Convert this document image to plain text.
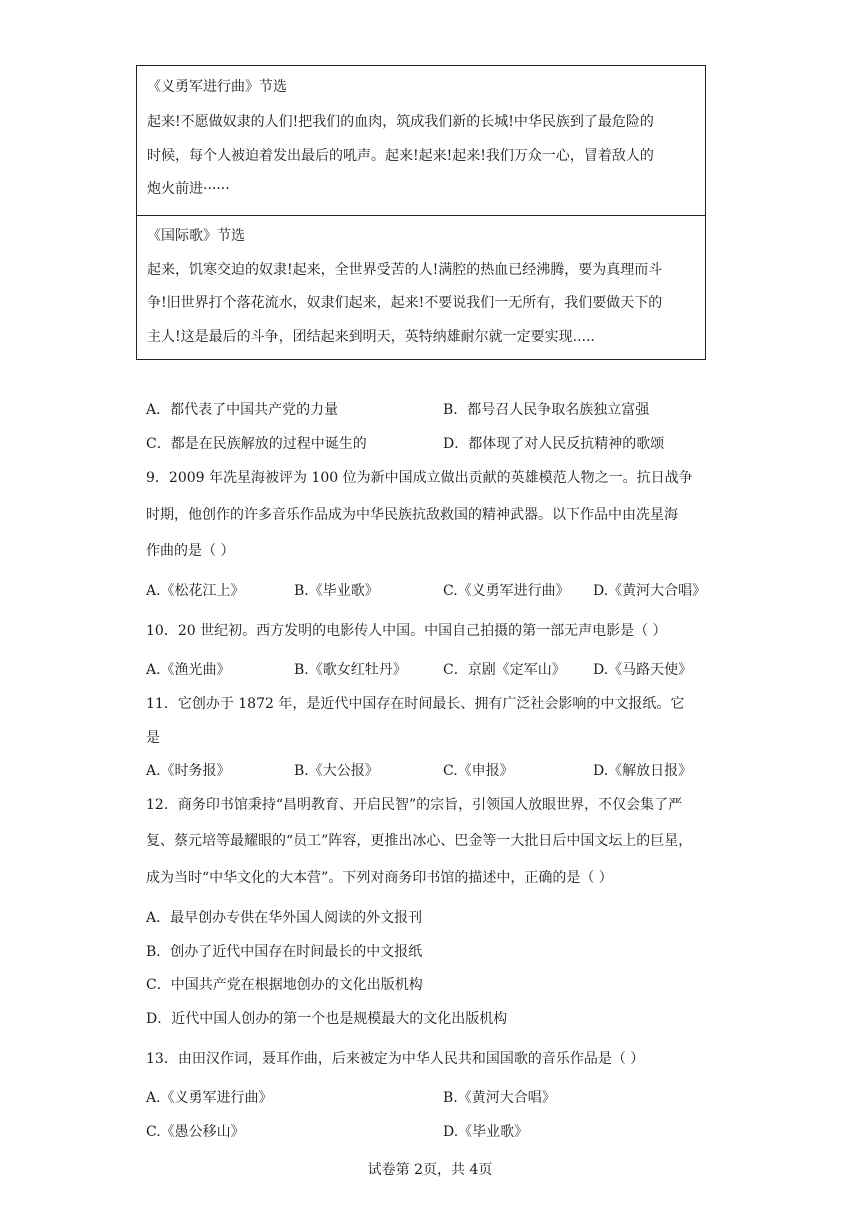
《义勇军进行曲》节选
起来!不愿做奴隶的人们!把我们的血肉，筑成我们新的长城!中华民族到了最危险的
时候，每个人被迫着发出最后的吼声。起来!起来!起来!我们万众一心，冒着敌人的
炮火前进······
《国际歌》节选
起来，饥寒交迫的奴隶!起来，全世界受苦的人!满腔的热血已经沸腾，要为真理而斗
争!旧世界打个落花流水，奴隶们起来，起来!不要说我们一无所有，我们要做天下的
主人!这是最后的斗争，团结起来到明天，英特纳雄耐尔就一定要实现.....
A．都代表了中国共产党的力量	B．都号召人民争取名族独立富强
C．都是在民族解放的过程中诞生的	D．都体现了对人民反抗精神的歌颂
9．2009 年冼星海被评为 100 位为新中国成立做出贡献的英雄模范人物之一。抗日战争
时期，他创作的许多音乐作品成为中华民族抗敌救国的精神武器。以下作品中由冼星海
作曲的是（ ）
A.《松花江上》	B.《毕业歌》	C.《义勇军进行曲》 D.《黄河大合唱》
10．20 世纪初。西方发明的电影传人中国。中国自己拍摄的第一部无声电影是（ ）
A.《渔光曲》	B.《歌女红牡丹》	C．京剧《定军山》 D.《马路天使》
11．它创办于 1872 年，是近代中国存在时间最长、拥有广泛社会影响的中文报纸。它
是
A.《时务报》	B.《大公报》	C.《申报》	D.《解放日报》
12．商务印书馆秉持“昌明教育、开启民智”的宗旨，引领国人放眼世界，不仅会集了严
复、蔡元培等最耀眼的“员工”阵容，更推出冰心、巴金等一大批日后中国文坛上的巨星，
成为当时“中华文化的大本营”。下列对商务印书馆的描述中，正确的是（ ）
A．最早创办专供在华外国人阅读的外文报刊
B．创办了近代中国存在时间最长的中文报纸
C．中国共产党在根据地创办的文化出版机构
D．近代中国人创办的第一个也是规模最大的文化出版机构
13．由田汉作词，聂耳作曲，后来被定为中华人民共和国国歌的音乐作品是（ ）
A.《义勇军进行曲》	B.《黄河大合唱》
C.《愚公移山》	D.《毕业歌》
试卷第 2页，共 4页
